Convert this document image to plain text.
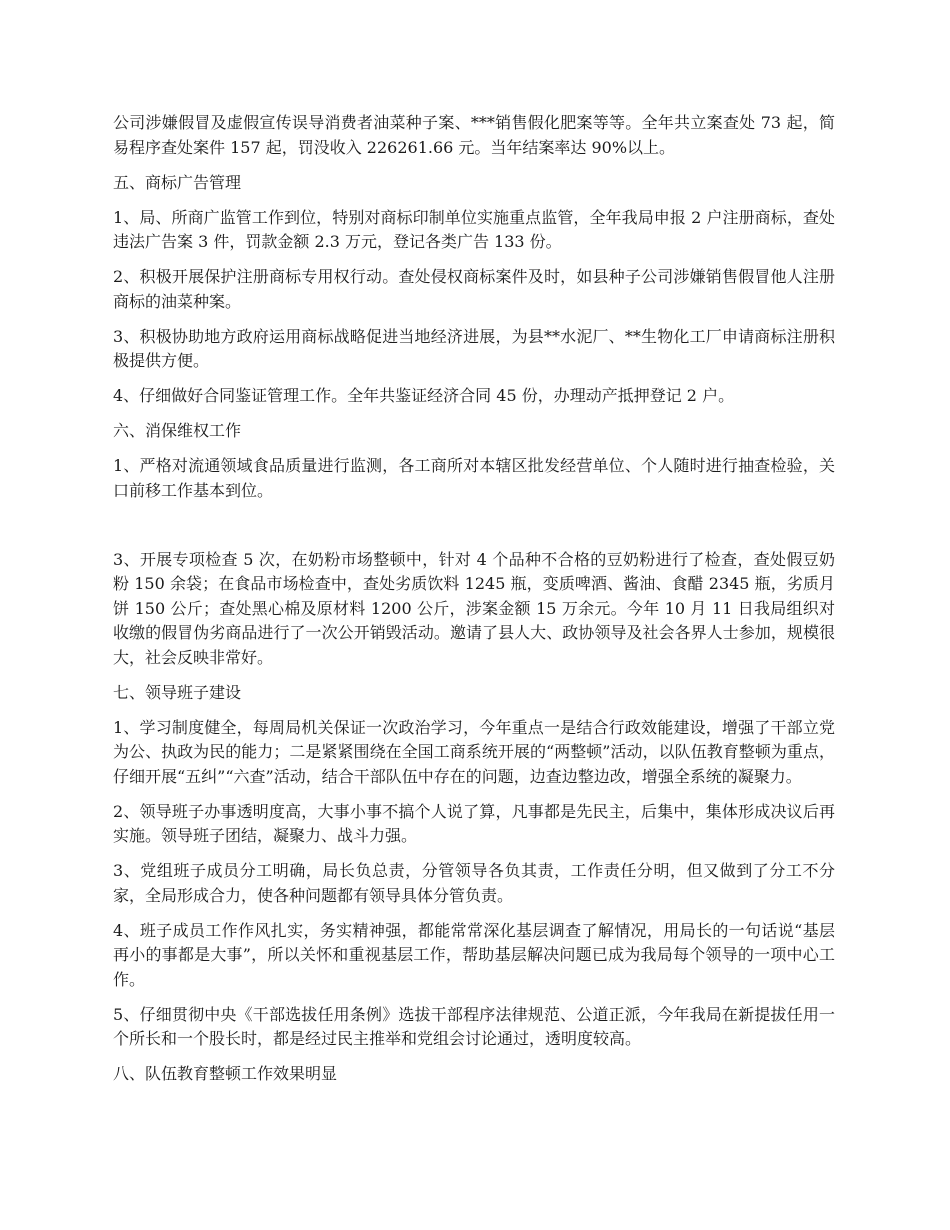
公司涉嫌假冒及虚假宣传误导消费者油菜种子案、***销售假化肥案等等。全年共立案查处 73 起，简易程序查处案件 157 起，罚没收入 226261.66 元。当年结案率达 90%以上。

五、商标广告管理

1、局、所商广监管工作到位，特别对商标印制单位实施重点监管，全年我局申报 2 户注册商标，查处违法广告案 3 件，罚款金额 2.3 万元，登记各类广告 133 份。

2、积极开展保护注册商标专用权行动。查处侵权商标案件及时，如县种子公司涉嫌销售假冒他人注册商标的油菜种案。

3、积极协助地方政府运用商标战略促进当地经济进展，为县**水泥厂、**生物化工厂申请商标注册积极提供方便。

4、仔细做好合同鉴证管理工作。全年共鉴证经济合同 45 份，办理动产抵押登记 2 户。

六、消保维权工作

1、严格对流通领域食品质量进行监测，各工商所对本辖区批发经营单位、个人随时进行抽查检验，关口前移工作基本到位。

3、开展专项检查 5 次，在奶粉市场整顿中，针对 4 个品种不合格的豆奶粉进行了检查，查处假豆奶粉 150 余袋；在食品市场检查中，查处劣质饮料 1245 瓶，变质啤酒、酱油、食醋 2345 瓶，劣质月饼 150 公斤；查处黑心棉及原材料 1200 公斤，涉案金额 15 万余元。今年 10 月 11 日我局组织对收缴的假冒伪劣商品进行了一次公开销毁活动。邀请了县人大、政协领导及社会各界人士参加，规模很大，社会反映非常好。

七、领导班子建设

1、学习制度健全，每周局机关保证一次政治学习，今年重点一是结合行政效能建设，增强了干部立党为公、执政为民的能力；二是紧紧围绕在全国工商系统开展的“两整顿”活动，以队伍教育整顿为重点，仔细开展“五纠”“六查”活动，结合干部队伍中存在的问题，边查边整边改，增强全系统的凝聚力。

2、领导班子办事透明度高，大事小事不搞个人说了算，凡事都是先民主，后集中，集体形成决议后再实施。领导班子团结，凝聚力、战斗力强。

3、党组班子成员分工明确，局长负总责，分管领导各负其责，工作责任分明，但又做到了分工不分家，全局形成合力，使各种问题都有领导具体分管负责。

4、班子成员工作作风扎实，务实精神强，都能常常深化基层调查了解情况，用局长的一句话说“基层再小的事都是大事”，所以关怀和重视基层工作，帮助基层解决问题已成为我局每个领导的一项中心工作。

5、仔细贯彻中央《干部选拔任用条例》选拔干部程序法律规范、公道正派，今年我局在新提拔任用一个所长和一个股长时，都是经过民主推举和党组会讨论通过，透明度较高。

八、队伍教育整顿工作效果明显
